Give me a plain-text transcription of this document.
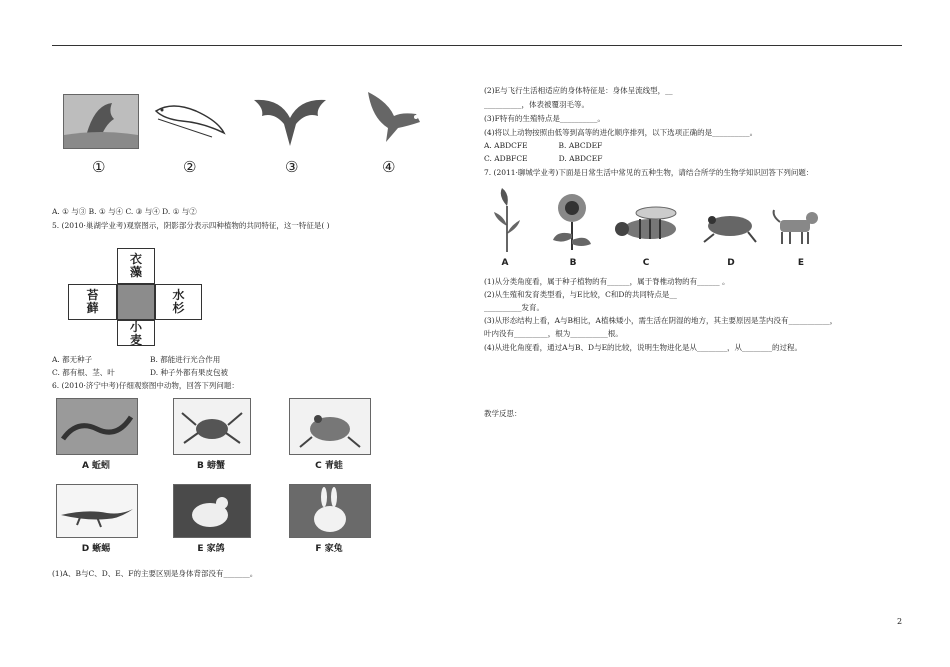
①	②	③	④
A. ① 与③ B. ① 与④ C. ③ 与④ D. ① 与②
5. (2010·巢湖学业考)观察图示，阴影部分表示四种植物的共同特征，这一特征是( )
衣藻
苔藓
水杉
小麦
A. 都无种子	B. 都能进行光合作用
C. 都有根、茎、叶	D. 种子外都有果皮包被
6. (2010·济宁中考)仔细观察图中动物，回答下列问题：
A 蚯蚓	B 螃蟹	C 青蛙
D 蜥蜴	E 家鸽	F 家兔
(1)A、B与C、D、E、F的主要区别是身体背部没有_______。
(2)E与飞行生活相适应的身体特征是：身体呈流线型，__
__________，体表被覆羽毛等。
(3)F特有的生殖特点是__________。
(4)将以上动物按照由低等到高等的进化顺序排列，以下选项正确的是__________。
A. ABDCFE             B. ABCDEF
C. ADBFCE             D. ABDCEF
7. (2011·聊城学业考)下面是日常生活中常见的五种生物，请结合所学的生物学知识回答下列问题：
A	B	C	D	E
(1)从分类角度看，属于种子植物的有______，属于脊椎动物的有______ 。
(2)从生殖和发育类型看，与E比较，C和D的共同特点是__
__________发育。
(3)从形态结构上看，A与B相比，A植株矮小，需生活在阴湿的地方，其主要原因是茎内没有___________，
叶内没有_________，根为__________根。
(4)从进化角度看，通过A与B、D与E的比较，说明生物进化是从________，从________的过程。
教学反思：
2
